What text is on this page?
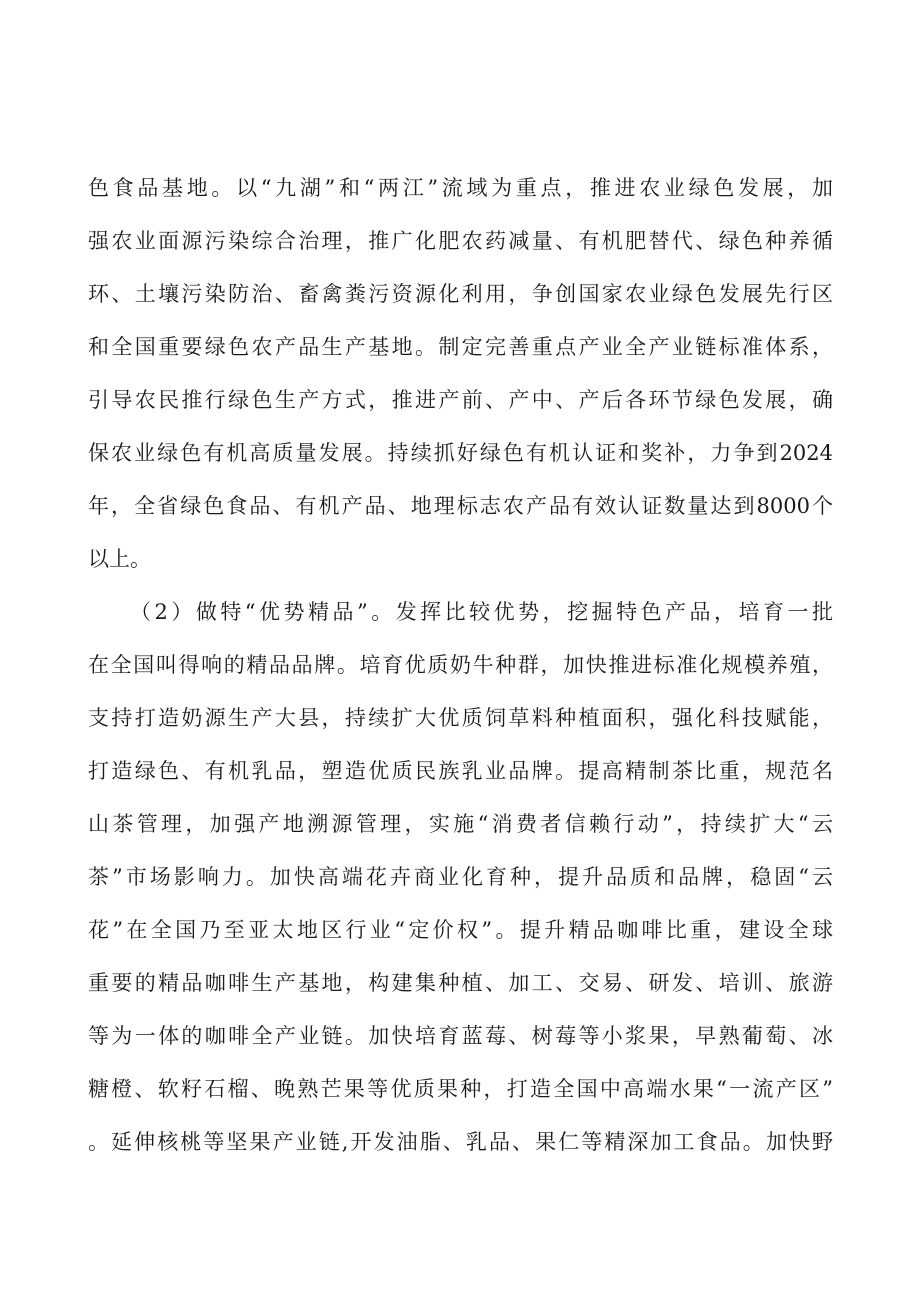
色食品基地。以“九湖”和“两江”流域为重点，推进农业绿色发展，加
强农业面源污染综合治理，推广化肥农药减量、有机肥替代、绿色种养循
环、土壤污染防治、畜禽粪污资源化利用，争创国家农业绿色发展先行区
和全国重要绿色农产品生产基地。制定完善重点产业全产业链标准体系，
引导农民推行绿色生产方式，推进产前、产中、产后各环节绿色发展，确
保农业绿色有机高质量发展。持续抓好绿色有机认证和奖补，力争到2024
年，全省绿色食品、有机产品、地理标志农产品有效认证数量达到8000个
以上。
（2）做特“优势精品”。发挥比较优势，挖掘特色产品，培育一批
在全国叫得响的精品品牌。培育优质奶牛种群，加快推进标准化规模养殖，
支持打造奶源生产大县，持续扩大优质饲草料种植面积，强化科技赋能，
打造绿色、有机乳品，塑造优质民族乳业品牌。提高精制茶比重，规范名
山茶管理，加强产地溯源管理，实施“消费者信赖行动”，持续扩大“云
茶”市场影响力。加快高端花卉商业化育种，提升品质和品牌，稳固“云
花”在全国乃至亚太地区行业“定价权”。提升精品咖啡比重，建设全球
重要的精品咖啡生产基地，构建集种植、加工、交易、研发、培训、旅游
等为一体的咖啡全产业链。加快培育蓝莓、树莓等小浆果，早熟葡萄、冰
糖橙、软籽石榴、晚熟芒果等优质果种，打造全国中高端水果“一流产区”
。延伸核桃等坚果产业链,开发油脂、乳品、果仁等精深加工食品。加快野
